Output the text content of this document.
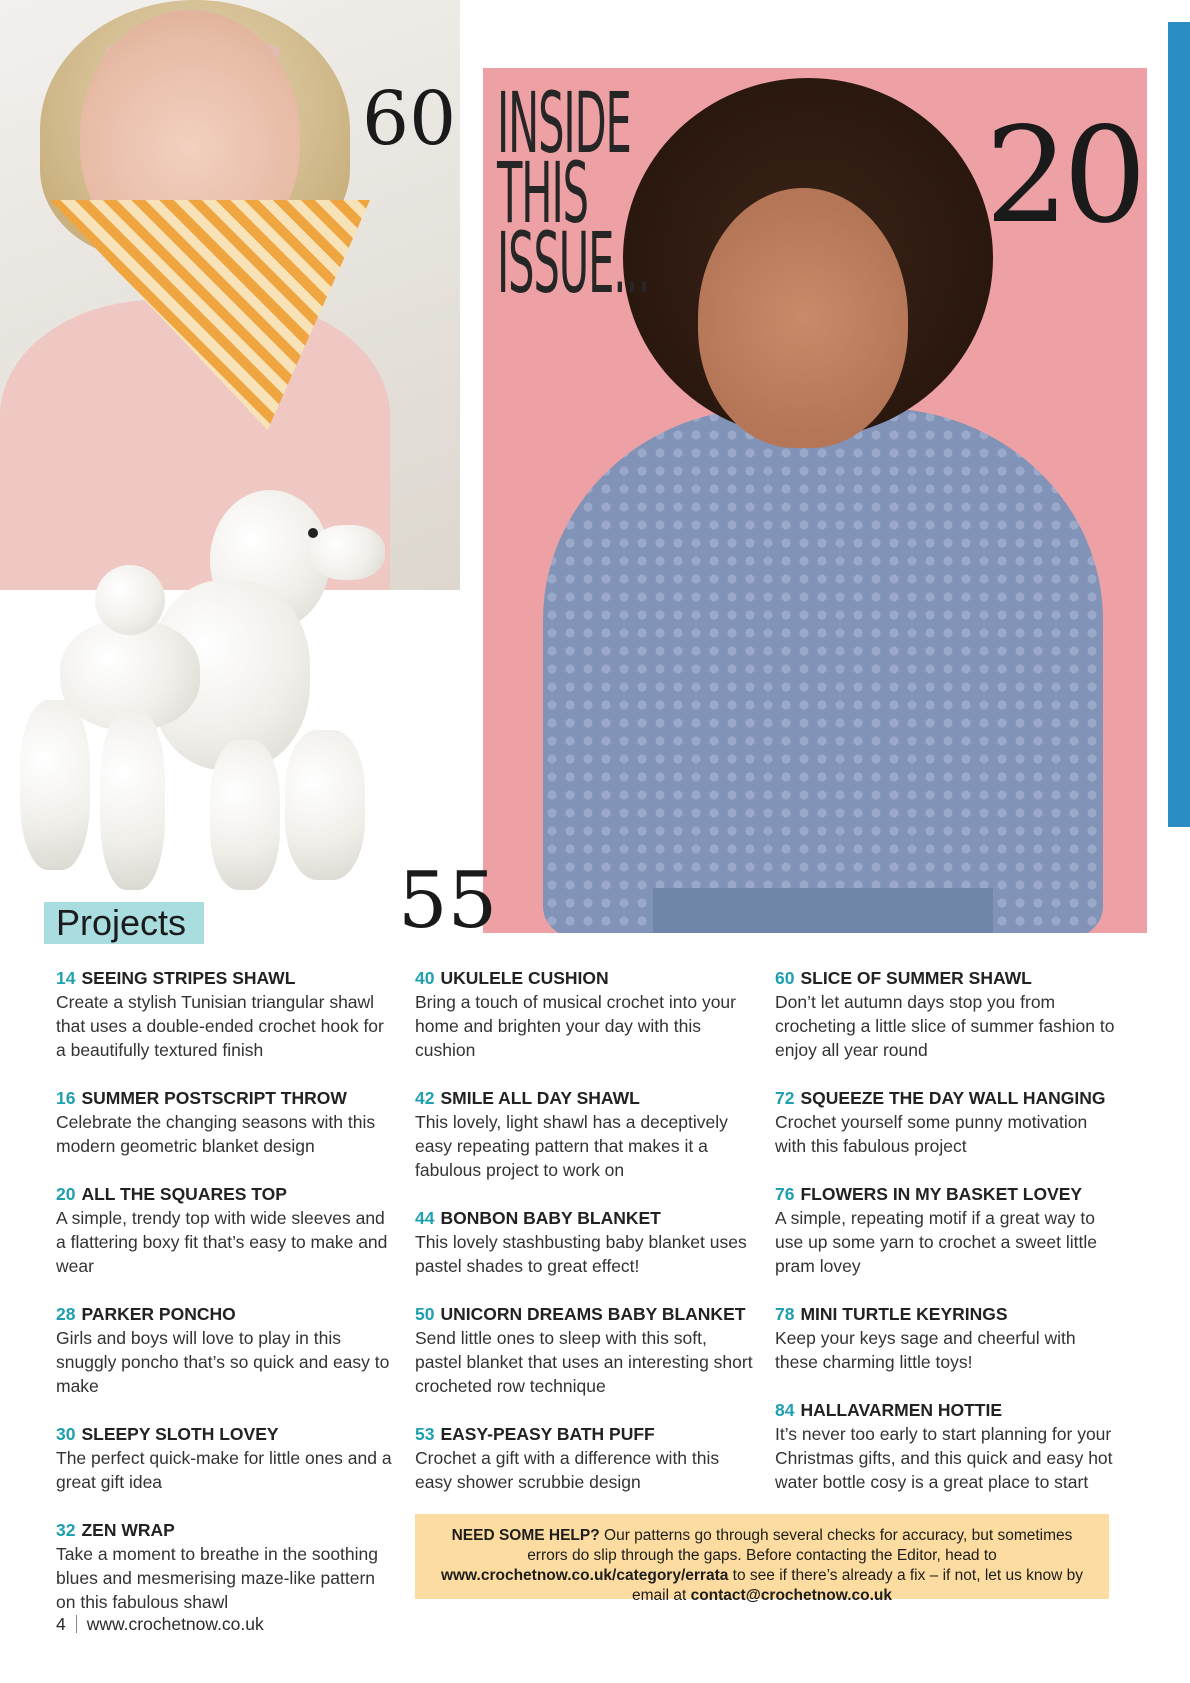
60	20
55
INSIDE
THIS
ISSUE...
Projects
14 SEEING STRIPES SHAWL

Create a stylish Tunisian triangular shawl that uses a double-ended crochet hook for a beautifully textured finish

16 SUMMER POSTSCRIPT THROW

Celebrate the changing seasons with this modern geometric blanket design

20 ALL THE SQUARES TOP

A simple, trendy top with wide sleeves and a flattering boxy fit that’s easy to make and wear

28 PARKER PONCHO

Girls and boys will love to play in this snuggly poncho that’s so quick and easy to make

30 SLEEPY SLOTH LOVEY

The perfect quick-make for little ones and a great gift idea

32 ZEN WRAP

Take a moment to breathe in the soothing blues and mesmerising maze-like pattern on this fabulous shawl

40 UKULELE CUSHION

Bring a touch of musical crochet into your home and brighten your day with this cushion

42 SMILE ALL DAY SHAWL

This lovely, light shawl has a deceptively easy repeating pattern that makes it a fabulous project to work on

44 BONBON BABY BLANKET

This lovely stashbusting baby blanket uses pastel shades to great effect!

50 UNICORN DREAMS BABY BLANKET

Send little ones to sleep with this soft, pastel blanket that uses an interesting short crocheted row technique

53 EASY-PEASY BATH PUFF

Crochet a gift with a difference with this easy shower scrubbie design

60 SLICE OF SUMMER SHAWL

Don’t let autumn days stop you from crocheting a little slice of summer fashion to enjoy all year round

72 SQUEEZE THE DAY WALL HANGING

Crochet yourself some punny motivation with this fabulous project

76 FLOWERS IN MY BASKET LOVEY

A simple, repeating motif if a great way to use up some yarn to crochet a sweet little pram lovey

78 MINI TURTLE KEYRINGS

Keep your keys sage and cheerful with these charming little toys!

84 HALLAVARMEN HOTTIE

It’s never too early to start planning for your Christmas gifts, and this quick and easy hot water bottle cosy is a great place to start

NEED SOME HELP? Our patterns go through several checks for accuracy, but sometimes errors do slip through the gaps. Before contacting the Editor, head to www.crochetnow.co.uk/category/errata to see if there’s already a fix – if not, let us know by email at contact@crochetnow.co.uk
4 www.crochetnow.co.uk
